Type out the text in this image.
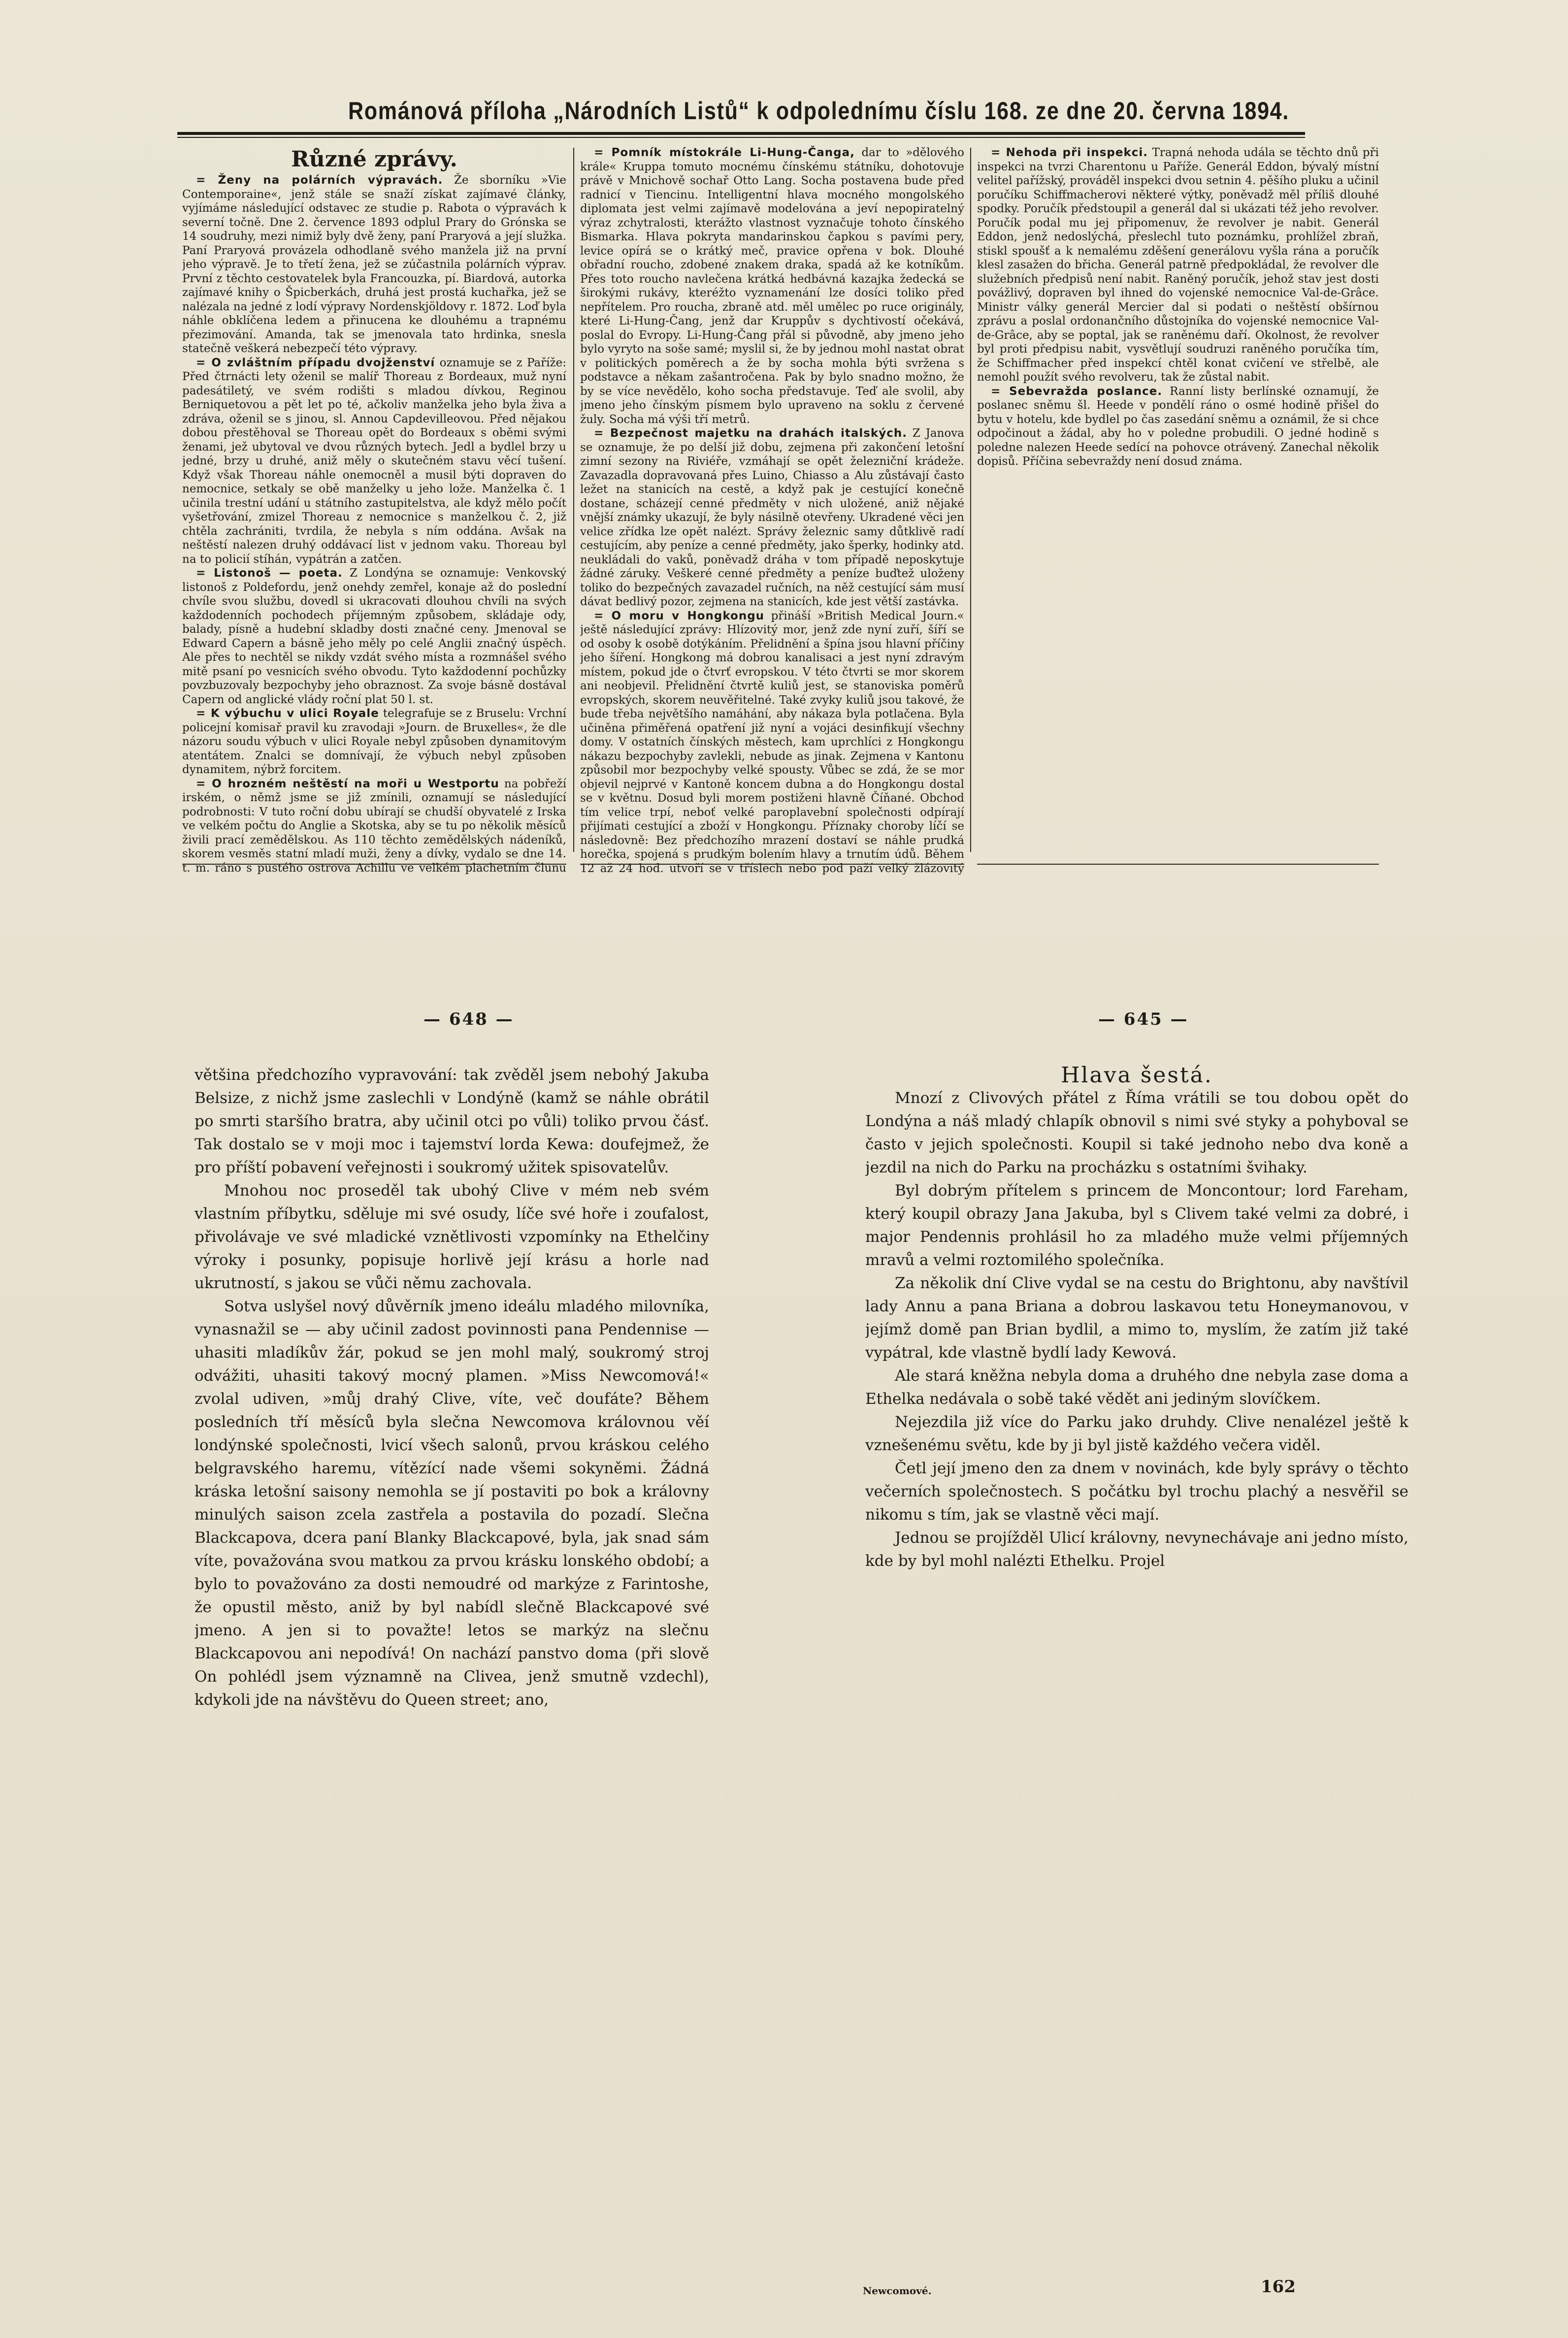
Románová příloha „Národních Listů“ k odpolednímu číslu 168. ze dne 20. června 1894.

Různé zprávy.

= Ženy na polárních výpravách. Že sborníku »Vie Contemporaine«, jenž stále se snaží získat zajímavé články, vyjímáme následující odstavec ze studie p. Rabota o výpravách k severní točně. Dne 2. července 1893 odplul Prary do Grónska se 14 soudruhy, mezi nimiž byly dvě ženy, paní Praryová a její služka. Paní Praryová provázela odhodlaně svého manžela již na první jeho výpravě. Je to třetí žena, jež se zúčastnila polárních výprav. První z těchto cestovatelek byla Francouzka, pí. Biardová, autorka zajímavé knihy o Špicberkách, druhá jest prostá kuchařka, jež se nalézala na jedné z lodí výpravy Nordenskjöldovy r. 1872. Loď byla náhle obklíčena ledem a přinucena ke dlouhému a trapnému přezimování. Amanda, tak se jmenovala tato hrdinka, snesla statečně veškerá nebezpečí této výpravy.

= O zvláštním případu dvojženství oznamuje se z Paříže: Před čtrnácti lety oženil se malíř Thoreau z Bordeaux, muž nyní padesátiletý, ve svém rodišti s mladou dívkou, Reginou Berniquetovou a pět let po té, ačkoliv manželka jeho byla živa a zdráva, oženil se s jinou, sl. Annou Capdevilleovou. Před nějakou dobou přestěhoval se Thoreau opět do Bordeaux s oběmi svými ženami, jež ubytoval ve dvou různých bytech. Jedl a bydlel brzy u jedné, brzy u druhé, aniž měly o skutečném stavu věcí tušení. Když však Thoreau náhle onemocněl a musil býti dopraven do nemocnice, setkaly se obě manželky u jeho lože. Manželka č. 1 učinila trestní udání u státního zastupitelstva, ale když mělo počít vyšetřování, zmizel Thoreau z nemocnice s manželkou č. 2, již chtěla zachrániti, tvrdila, že nebyla s ním oddána. Avšak na neštěstí nalezen druhý oddávací list v jednom vaku. Thoreau byl na to policií stíhán, vypátrán a zatčen.

= Listonoš — poeta. Z Londýna se oznamuje: Venkovský listonoš z Poldefordu, jenž onehdy zemřel, konaje až do poslední chvíle svou službu, dovedl si ukracovati dlouhou chvíli na svých každodenních pochodech příjemným způsobem, skládaje ody, balady, písně a hudební skladby dosti značné ceny. Jmenoval se Edward Capern a básně jeho měly po celé Anglii značný úspěch. Ale přes to nechtěl se nikdy vzdát svého místa a rozmnášel svého mitě psaní po vesnicích svého obvodu. Tyto každodenní pochůzky povzbuzovaly bezpochyby jeho obraznost. Za svoje básně dostával Capern od anglické vlády roční plat 50 l. st.

= K výbuchu v ulici Royale telegrafuje se z Bruselu: Vrchní policejní komisař pravil ku zravodaji »Journ. de Bruxelles«, že dle názoru soudu výbuch v ulici Royale nebyl způsoben dynamitovým atentátem. Znalci se domnívají, že výbuch nebyl způsoben dynamitem, nýbrž forcitem.

= O hrozném neštěstí na moři u Westportu na pobřeží irském, o němž jsme se již zmínili, oznamují se následující podrobnosti: V tuto roční dobu ubírají se chudší obyvatelé z Irska ve velkém počtu do Anglie a Skotska, aby se tu po několik měsíců živili prací zemědělskou. As 110 těchto zemědělských nádeníků, skorem vesměs statní mladí muži, ženy a dívky, vydalo se dne 14. t. m. ráno s pustého ostrova Achillu ve velkém plachetním člunu

= Pomník místokrále Li-Hung-Čanga, dar to »dělového krále« Kruppa tomuto mocnému čínskému státníku, dohotovuje právě v Mnichově sochař Otto Lang. Socha postavena bude před radnicí v Tiencinu. Intelligentní hlava mocného mongolského diplomata jest velmi zajímavě modelována a jeví nepopiratelný výraz zchytralosti, kterážto vlastnost vyznačuje tohoto čínského Bismarka. Hlava pokryta mandarinskou čapkou s pavími pery, levice opírá se o krátký meč, pravice opřena v bok. Dlouhé obřadní roucho, zdobené znakem draka, spadá až ke kotníkům. Přes toto roucho navlečena krátká hedbávná kazajka žedecká se širokými rukávy, kteréžto vyznamenání lze dosíci toliko před nepřítelem. Pro roucha, zbraně atd. měl umělec po ruce originály, které Li-Hung-Čang, jenž dar Kruppův s dychtivostí očekává, poslal do Evropy. Li-Hung-Čang přál si původně, aby jmeno jeho bylo vyryto na soše samé; myslil si, že by jednou mohl nastat obrat v politických poměrech a že by socha mohla býti svržena s podstavce a někam zašantročena. Pak by bylo snadno možno, že by se více nevědělo, koho socha představuje. Teď ale svolil, aby jmeno jeho čínským písmem bylo upraveno na soklu z červené žuly. Socha má výši tří metrů.

= Bezpečnost majetku na drahách italských. Z Janova se oznamuje, že po delší již dobu, zejmena při zakončení letošní zimní sezony na Riviéře, vzmáhají se opět železniční krádeže. Zavazadla dopravovaná přes Luino, Chiasso a Alu zůstávají často ležet na stanicích na cestě, a když pak je cestující konečně dostane, scházejí cenné předměty v nich uložené, aniž nějaké vnější známky ukazují, že byly násilně otevřeny. Ukradené věci jen velice zřídka lze opět nalézt. Správy železnic samy důtklivě radí cestujícím, aby peníze a cenné předměty, jako šperky, hodinky atd. neukládali do vaků, poněvadž dráha v tom případě neposkytuje žádné záruky. Veškeré cenné předměty a peníze buďtež uloženy toliko do bezpečných zavazadel ručních, na něž cestující sám musí dávat bedlivý pozor, zejmena na stanicích, kde jest větší zastávka.

= O moru v Hongkongu přináší »British Medical Journ.« ještě následující zprávy: Hlízovitý mor, jenž zde nyní zuří, šíří se od osoby k osobě dotýkáním. Přelidnění a špína jsou hlavní příčiny jeho šíření. Hongkong má dobrou kanalisaci a jest nyní zdravým místem, pokud jde o čtvrť evropskou. V této čtvrti se mor skorem ani neobjevil. Přelidnění čtvrtě kuliů jest, se stanoviska poměrů evropských, skorem neuvěřitelné. Také zvyky kuliů jsou takové, že bude třeba největšího namáhání, aby nákaza byla potlačena. Byla učiněna přiměřená opatření již nyní a vojáci desinfikují všechny domy. V ostatních čínských městech, kam uprchlíci z Hongkongu nákazu bezpochyby zavlekli, nebude as jinak. Zejmena v Kantonu způsobil mor bezpochyby velké spousty. Vůbec se zdá, že se mor objevil nejprvé v Kantoně koncem dubna a do Hongkongu dostal se v květnu. Dosud byli morem postiženi hlavně Číňané. Obchod tím velice trpí, neboť velké paroplavební společnosti odpírají přijímati cestující a zboží v Hongkongu. Příznaky choroby líčí se následovně: Bez předchozího mrazení dostaví se náhle prudká horečka, spojená s prudkým bolením hlavy a trnutím údů. Během 12 až 24 hod. utvoří se v tříslech nebo pod paží velký žlázovitý

= Nehoda při inspekci. Trapná nehoda udála se těchto dnů při inspekci na tvrzi Charentonu u Paříže. Generál Eddon, bývalý místní velitel pařížský, prováděl inspekci dvou setnin 4. pěšího pluku a učinil poručíku Schiffmacherovi některé výtky, poněvadž měl příliš dlouhé spodky. Poručík předstoupil a generál dal si ukázati též jeho revolver. Poručík podal mu jej připomenuv, že revolver je nabit. Generál Eddon, jenž nedoslýchá, přeslechl tuto poznámku, prohlížel zbraň, stiskl spoušť a k nemalému zděšení generálovu vyšla rána a poručík klesl zasažen do břicha. Generál patrně předpokládal, že revolver dle služebních předpisů není nabit. Raněný poručík, jehož stav jest dosti povážlivý, dopraven byl ihned do vojenské nemocnice Val-de-Grâce. Ministr války generál Mercier dal si podati o neštěstí obšírnou zprávu a poslal ordonančního důstojníka do vojenské nemocnice Val-de-Grâce, aby se poptal, jak se raněnému daří. Okolnost, že revolver byl proti předpisu nabit, vysvětlují soudruzi raněného poručíka tím, že Schiffmacher před inspekcí chtěl konat cvičení ve střelbě, ale nemohl použít svého revolveru, tak že zůstal nabit.

= Sebevražda poslance. Ranní listy berlínské oznamují, že poslanec sněmu šl. Heede v pondělí ráno o osmé hodině přišel do bytu v hotelu, kde bydlel po čas zasedání sněmu a oznámil, že si chce odpočinout a žádal, aby ho v poledne probudili. O jedné hodině s poledne nalezen Heede sedící na pohovce otrávený. Zanechal několik dopisů. Příčina sebevraždy není dosud známa.

— 648 —	— 645 —

většina předchozího vypravování: tak zvěděl jsem nebohý Jakuba Belsize, z nichž jsme zaslechli v Londýně (kamž se náhle obrátil po smrti staršího bratra, aby učinil otci po vůli) toliko prvou čásť. Tak dostalo se v moji moc i tajemství lorda Kewa: doufejmež, že pro příští pobavení veřejnosti i soukromý užitek spisovatelův.

Mnohou noc proseděl tak ubohý Clive v mém neb svém vlastním příbytku, sděluje mi své osudy, líče své hoře i zoufalost, přivolávaje ve své mladické vznětlivosti vzpomínky na Ethelčiny výroky i posunky, popisuje horlivě její krásu a horle nad ukrutností, s jakou se vůči němu zachovala.

Sotva uslyšel nový důvěrník jmeno ideálu mladého milovníka, vynasnažil se — aby učinil zadost povinnosti pana Pendennise — uhasiti mladíkův žár, pokud se jen mohl malý, soukromý stroj odvážiti, uhasiti takový mocný plamen. »Miss Newcomová!« zvolal udiven, »můj drahý Clive, víte, več doufáte? Během posledních tří měsíců byla slečna Newcomova královnou věí londýnské společnosti, lvicí všech salonů, prvou kráskou celého belgravského haremu, vítězící nade všemi sokyněmi. Žádná kráska letošní saisony nemohla se jí postaviti po bok a královny minulých saison zcela zastřela a postavila do pozadí. Slečna Blackcapova, dcera paní Blanky Blackcapové, byla, jak snad sám víte, považována svou matkou za prvou krásku lonského období; a bylo to považováno za dosti nemoudré od markýze z Farintoshe, že opustil město, aniž by byl nabídl slečně Blackcapové své jmeno. A jen si to považte! letos se markýz na slečnu Blackcapovou ani nepodívá! On nachází panstvo doma (při slově On pohlédl jsem významně na Clivea, jenž smutně vzdechl), kdykoli jde na návštěvu do Queen street; ano,

Hlava šestá.

Mnozí z Clivových přátel z Říma vrátili se tou dobou opět do Londýna a náš mladý chlapík obnovil s nimi své styky a pohyboval se často v jejich společnosti. Koupil si také jednoho nebo dva koně a jezdil na nich do Parku na procházku s ostatními švihaky.

Byl dobrým přítelem s princem de Moncontour; lord Fareham, který koupil obrazy Jana Jakuba, byl s Clivem také velmi za dobré, i major Pendennis prohlásil ho za mladého muže velmi příjemných mravů a velmi roztomilého společníka.

Za několik dní Clive vydal se na cestu do Brightonu, aby navštívil lady Annu a pana Briana a dobrou laskavou tetu Honeymanovou, v jejímž domě pan Brian bydlil, a mimo to, myslím, že zatím již také vypátral, kde vlastně bydlí lady Kewová.

Ale stará kněžna nebyla doma a druhého dne nebyla zase doma a Ethelka nedávala o sobě také vědět ani jediným slovíčkem.

Nejezdila již více do Parku jako druhdy. Clive nenalézel ještě k vznešenému světu, kde by ji byl jistě každého večera viděl.

Četl její jmeno den za dnem v novinách, kde byly správy o těchto večerních společnostech. S počátku byl trochu plachý a nesvěřil se nikomu s tím, jak se vlastně věci mají.

Jednou se projížděl Ulicí královny, nevynechávaje ani jedno místo, kde by byl mohl nalézti Ethelku. Projel

Newcomové.	162
